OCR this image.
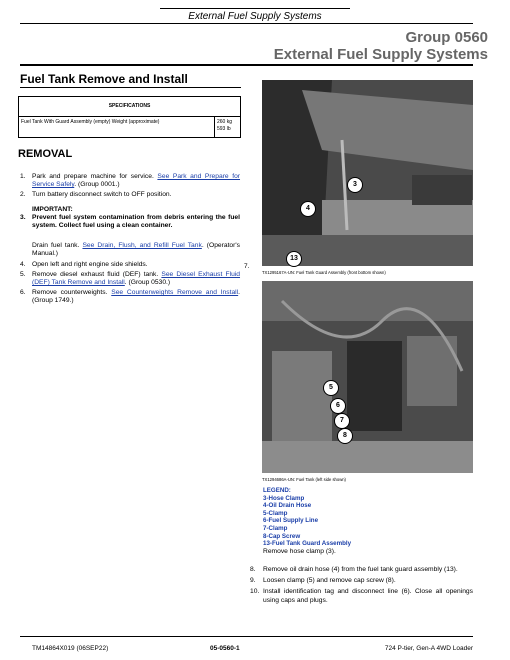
External Fuel Supply Systems
Group 0560
External Fuel Supply Systems
Fuel Tank Remove and Install
SPECIFICATIONS
Fuel Tank With Guard Assembly (empty) Weight (approximate)	260 kg
593 lb
REMOVAL
1. Park and prepare machine for service. See Park and Prepare for Service Safely. (Group 0001.)
2. Turn battery disconnect switch to OFF position.
IMPORTANT:
3. Prevent fuel system contamination from debris entering the fuel system. Collect fuel using a clean container.
Drain fuel tank. See Drain, Flush, and Refill Fuel Tank. (Operator's Manual.)
4. Open left and right engine side shields.
5. Remove diesel exhaust fluid (DEF) tank. See Diesel Exhaust Fluid (DEF) Tank Remove and Install. (Group 0530.)
6. Remove counterweights. See Counterweights Remove and Install. (Group 1749.)
7.
3
4
13
TX1295167A-UN: Fuel Tank Guard Assembly (front bottom shown)
5
6
7
8
TX1294686A-UN: Fuel Tank (left side shown)
LEGEND:
3-Hose Clamp
4-Oil Drain Hose
5-Clamp
6-Fuel Supply Line
7-Clamp
8-Cap Screw
13-Fuel Tank Guard Assembly
Remove hose clamp (3).
8. Remove oil drain hose (4) from the fuel tank guard assembly (13).
9. Loosen clamp (5) and remove cap screw (8).
10. Install identification tag and disconnect line (6). Close all openings using caps and plugs.
TM14864X019 (06SEP22)	05-0560-1	724 P-tier, Gen-A 4WD Loader
